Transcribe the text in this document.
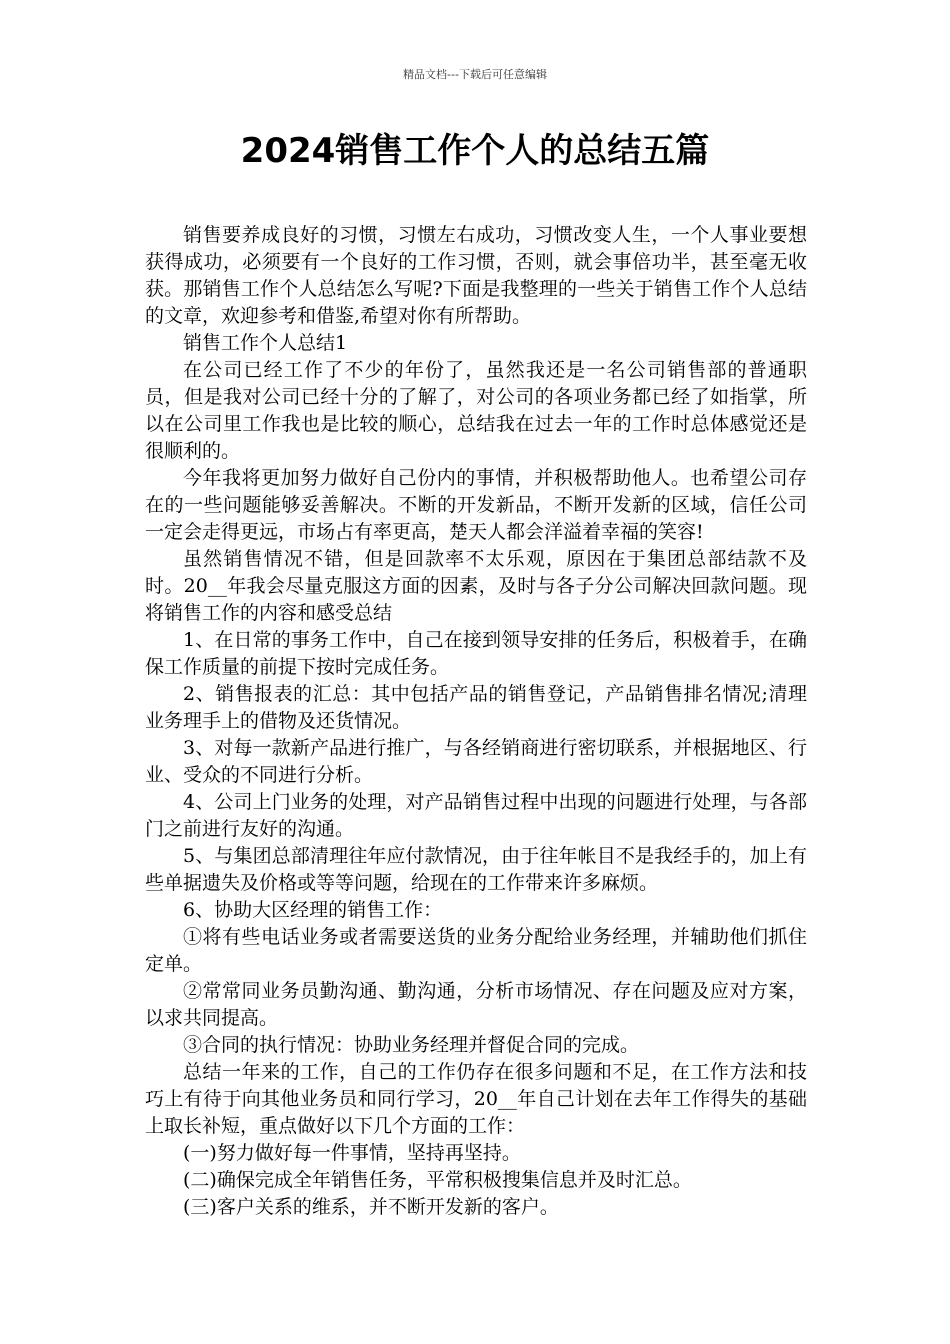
精品文档---下载后可任意编辑
2024销售工作个人的总结五篇

销售要养成良好的习惯，习惯左右成功，习惯改变人生，一个人事业要想获得成功，必须要有一个良好的工作习惯，否则，就会事倍功半，甚至毫无收获。那销售工作个人总结怎么写呢?下面是我整理的一些关于销售工作个人总结的文章，欢迎参考和借鉴,希望对你有所帮助。

销售工作个人总结1

在公司已经工作了不少的年份了，虽然我还是一名公司销售部的普通职员，但是我对公司已经十分的了解了，对公司的各项业务都已经了如指掌，所以在公司里工作我也是比较的顺心，总结我在过去一年的工作时总体感觉还是很顺利的。

今年我将更加努力做好自己份内的事情，并积极帮助他人。也希望公司存在的一些问题能够妥善解决。不断的开发新品，不断开发新的区域，信任公司一定会走得更远，市场占有率更高，楚天人都会洋溢着幸福的笑容!

虽然销售情况不错，但是回款率不太乐观，原因在于集团总部结款不及时。20__年我会尽量克服这方面的因素，及时与各子分公司解决回款问题。现将销售工作的内容和感受总结

1、在日常的事务工作中，自己在接到领导安排的任务后，积极着手，在确保工作质量的前提下按时完成任务。

2、销售报表的汇总：其中包括产品的销售登记，产品销售排名情况;清理业务理手上的借物及还货情况。

3、对每一款新产品进行推广，与各经销商进行密切联系，并根据地区、行业、受众的不同进行分析。

4、公司上门业务的处理，对产品销售过程中出现的问题进行处理，与各部门之前进行友好的沟通。

5、与集团总部清理往年应付款情况，由于往年帐目不是我经手的，加上有些单据遗失及价格或等等问题，给现在的工作带来许多麻烦。

6、协助大区经理的销售工作：

①将有些电话业务或者需要送货的业务分配给业务经理，并辅助他们抓住定单。

②常常同业务员勤沟通、勤沟通，分析市场情况、存在问题及应对方案，以求共同提高。

③合同的执行情况：协助业务经理并督促合同的完成。

总结一年来的工作，自己的工作仍存在很多问题和不足，在工作方法和技巧上有待于向其他业务员和同行学习，20__年自己计划在去年工作得失的基础上取长补短，重点做好以下几个方面的工作：

(一)努力做好每一件事情，坚持再坚持。

(二)确保完成全年销售任务，平常积极搜集信息并及时汇总。

(三)客户关系的维系，并不断开发新的客户。
